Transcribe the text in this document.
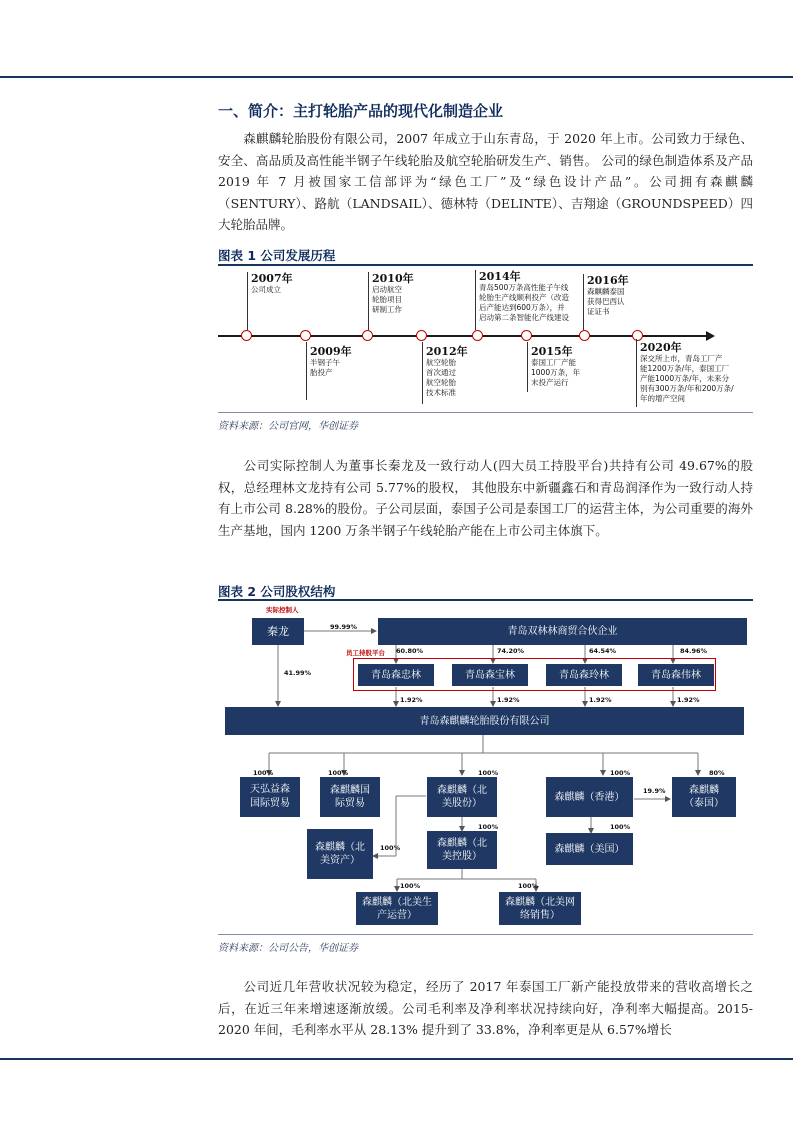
一、简介：主打轮胎产品的现代化制造企业
森麒麟轮胎股份有限公司，2007 年成立于山东青岛，于 2020 年上市。公司致力于绿色、安全、高品质及高性能半钢子午线轮胎及航空轮胎研发生产、销售。 公司的绿色制造体系及产品 2019 年 7 月被国家工信部评为“绿色工厂”及“绿色设计产品”。公司拥有森麒麟（SENTURY）、路航（LANDSAIL）、德林特（DELINTE）、吉翔途（GROUNDSPEED）四大轮胎品牌。
图表 1 公司发展历程
2007年
公司成立
2009年
半钢子午
胎投产
2010年
启动航空
轮胎项目
研制工作
2012年
航空轮胎
首次通过
航空轮胎
技术标准
2014年
青岛500万条高性能子午线
轮胎生产线顺利投产（改造
后产能达到600万条），并
启动第二条智能化产线建设
2015年
泰国工厂产能
1000万条，年
末投产运行
2016年
森麒麟泰国
获得巴西认
证证书
2020年
深交所上市，青岛工厂产
能1200万条/年，泰国工厂
产能1000万条/年，未来分
别有300万条/年和200万条/
年的增产空间
资料来源：公司官网，华创证券
公司实际控制人为董事长秦龙及一致行动人(四大员工持股平台)共持有公司 49.67%的股权，总经理林文龙持有公司 5.77%的股权， 其他股东中新疆鑫石和青岛润泽作为一致行动人持有上市公司 8.28%的股份。子公司层面，泰国子公司是泰国工厂的运营主体，为公司重要的海外生产基地，国内 1200 万条半钢子午线轮胎产能在上市公司主体旗下。
图表 2 公司股权结构
实际控制人
秦龙	99.99%
41.99%
青岛双林林商贸合伙企业
员工持股平台 60.80%	74.20%	64.54%	84.96%
青岛森忠林	青岛森宝林	青岛森玲林	青岛森伟林
1.92%	1.92%	1.92%	1.92%
青岛森麒麟轮胎股份有限公司
100%	100%	100%	100%	80%
天弘益森国际贸易
森麒麟国际贸易
森麒麟（北美股份）
森麒麟（香港）
森麒麟（泰国）
19.9%
100%
100%	100%
森麒麟（北美资产）
森麒麟（北美控股）
森麒麟（美国）
100%	100%
森麒麟（北美生产运营）
森麒麟（北美网络销售）
资料来源：公司公告，华创证券
公司近几年营收状况较为稳定，经历了 2017 年泰国工厂新产能投放带来的营收高增长之后，在近三年来增速逐渐放缓。公司毛利率及净利率状况持续向好，净利率大幅提高。2015-2020 年间，毛利率水平从 28.13% 提升到了 33.8%，净利率更是从 6.57%增长
